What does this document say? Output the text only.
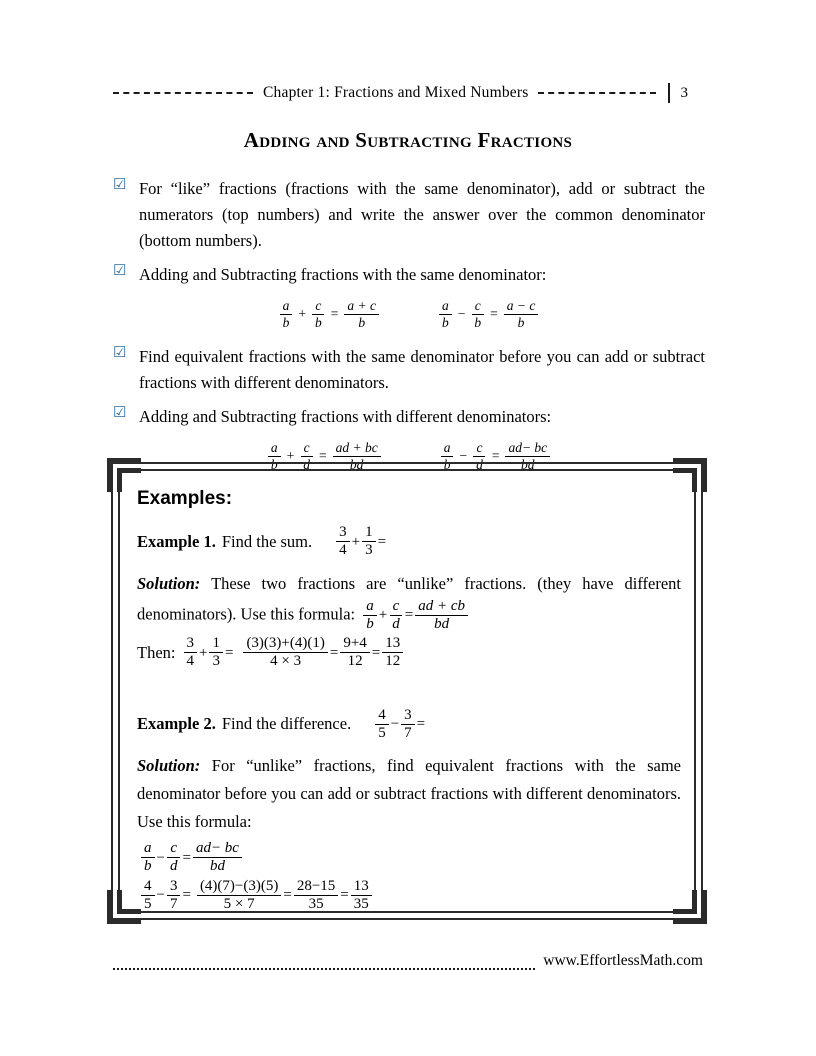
Chapter 1: Fractions and Mixed Numbers	3
Adding and Subtracting Fractions
☑ For “like” fractions (fractions with the same denominator), add or subtract the numerators (top numbers) and write the answer over the common denominator (bottom numbers).
☑ Adding and Subtracting fractions with the same denominator:
$\frac{a}{b} + \frac{c}{b} = \frac{a + c}{b}$	$\frac{a}{b} - \frac{c}{b} = \frac{a - c}{b}$
☑ Find equivalent fractions with the same denominator before you can add or subtract fractions with different denominators.
☑ Adding and Subtracting fractions with different denominators:
$\frac{a}{b} + \frac{c}{d} = \frac{ad + bc}{bd}$	$\frac{a}{b} - \frac{c}{d} = \frac{ad- bc}{bd}$
Examples:
Example 1. Find the sum. $\frac{3}{4} + \frac{1}{3}$ =
Solution: These two fractions are “unlike” fractions. (they have different denominators). Use this formula: $\frac{a}{b} + \frac{c}{d} = \frac{ad + cb}{bd}$
Then: $\frac{3}{4} + \frac{1}{3} = \frac{(3)(3)+(4)(1)}{4 \times 3} = \frac{9+4}{12} = \frac{13}{12}$
Example 2. Find the difference. $\frac{4}{5} - \frac{3}{7}$ =
Solution: For “unlike” fractions, find equivalent fractions with the same denominator before you can add or subtract fractions with different denominators. Use this formula:
$\frac{a}{b} - \frac{c}{d} = \frac{ad- bc}{bd}$
$\frac{4}{5} - \frac{3}{7} = \frac{(4)(7)-(3)(5)}{5 \times 7} = \frac{28-15}{35} = \frac{13}{35}$
www.EffortlessMath.com
